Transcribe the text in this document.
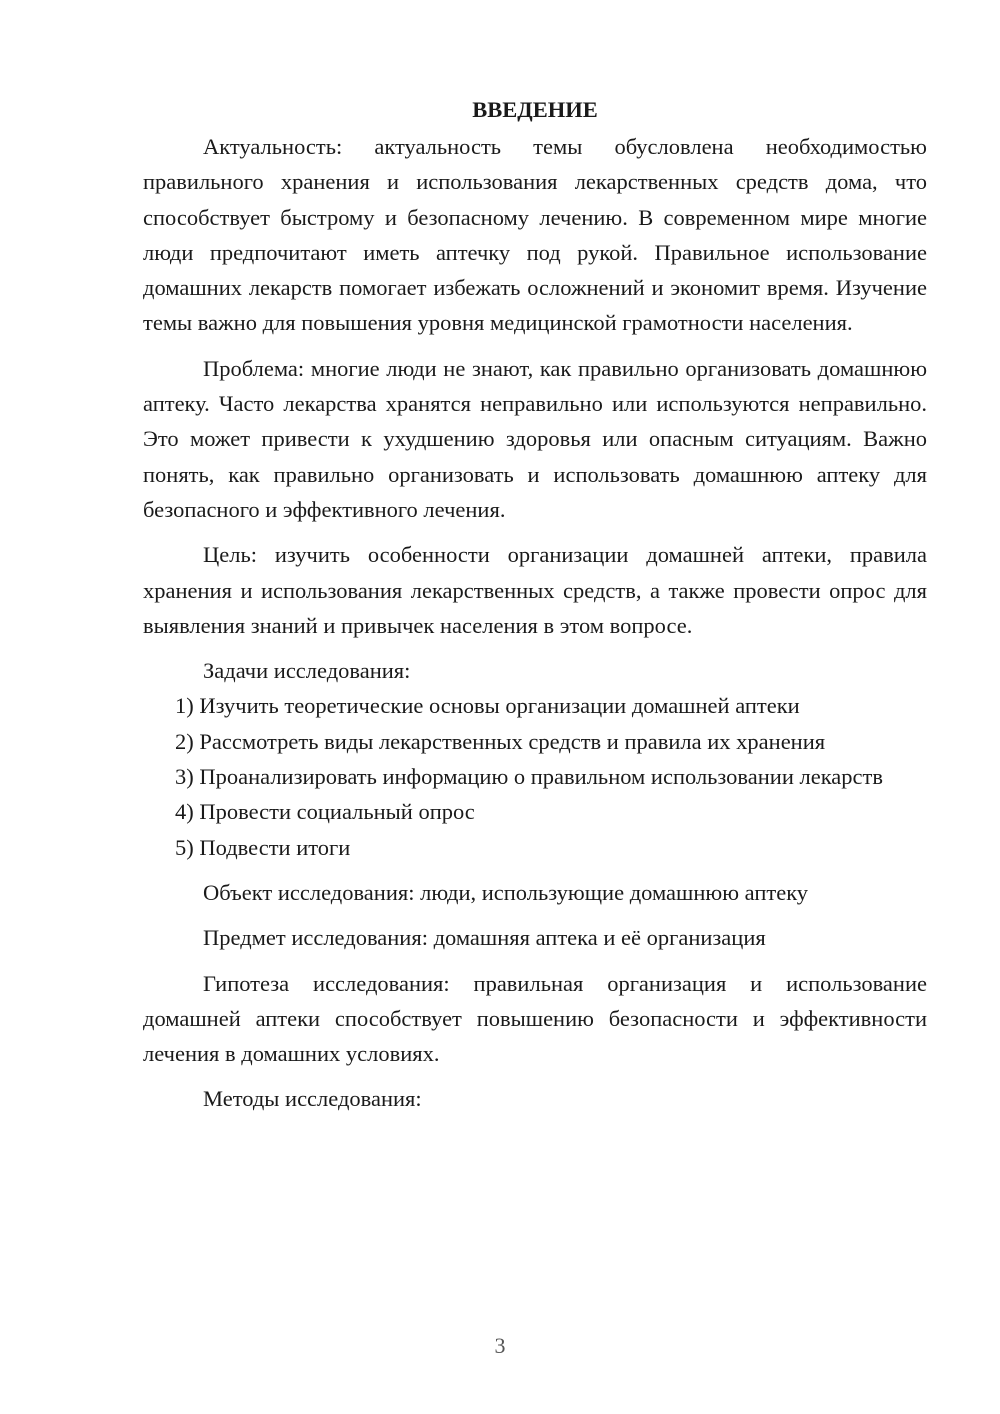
ВВЕДЕНИЕ

Актуальность: актуальность темы обусловлена необходимостью правильного хранения и использования лекарственных средств дома, что способствует быстрому и безопасному лечению. В современном мире многие люди предпочитают иметь аптечку под рукой. Правильное использование домашних лекарств помогает избежать осложнений и экономит время. Изучение темы важно для повышения уровня медицинской грамотности населения.

Проблема: многие люди не знают, как правильно организовать домашнюю аптеку. Часто лекарства хранятся неправильно или используются неправильно. Это может привести к ухудшению здоровья или опасным ситуациям. Важно понять, как правильно организовать и использовать домашнюю аптеку для безопасного и эффективного лечения.

Цель: изучить особенности организации домашней аптеки, правила хранения и использования лекарственных средств, а также провести опрос для выявления знаний и привычек населения в этом вопросе.

Задачи исследования:

1) Изучить теоретические основы организации домашней аптеки

2) Рассмотреть виды лекарственных средств и правила их хранения

3) Проанализировать информацию о правильном использовании лекарств

4) Провести социальный опрос

5) Подвести итоги

Объект исследования: люди, использующие домашнюю аптеку

Предмет исследования: домашняя аптека и её организация

Гипотеза исследования: правильная организация и использование домашней аптеки способствует повышению безопасности и эффективности лечения в домашних условиях.

Методы исследования:

3
